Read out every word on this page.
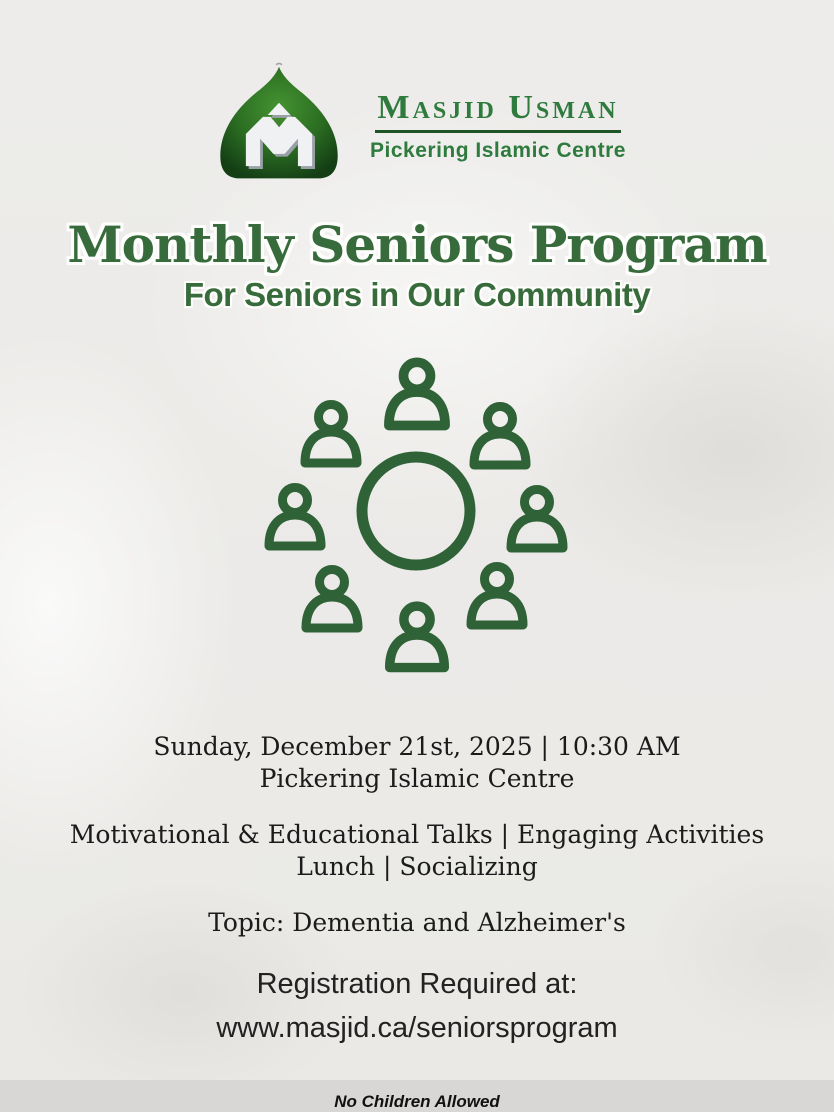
Masjid Usman
Pickering Islamic Centre
Monthly Seniors Program
For Seniors in Our Community
Sunday, December 21st, 2025 | 10:30 AM
Pickering Islamic Centre
Motivational & Educational Talks | Engaging Activities
Lunch | Socializing
Topic: Dementia and Alzheimer's
Registration Required at:
www.masjid.ca/seniorsprogram
No Children Allowed
